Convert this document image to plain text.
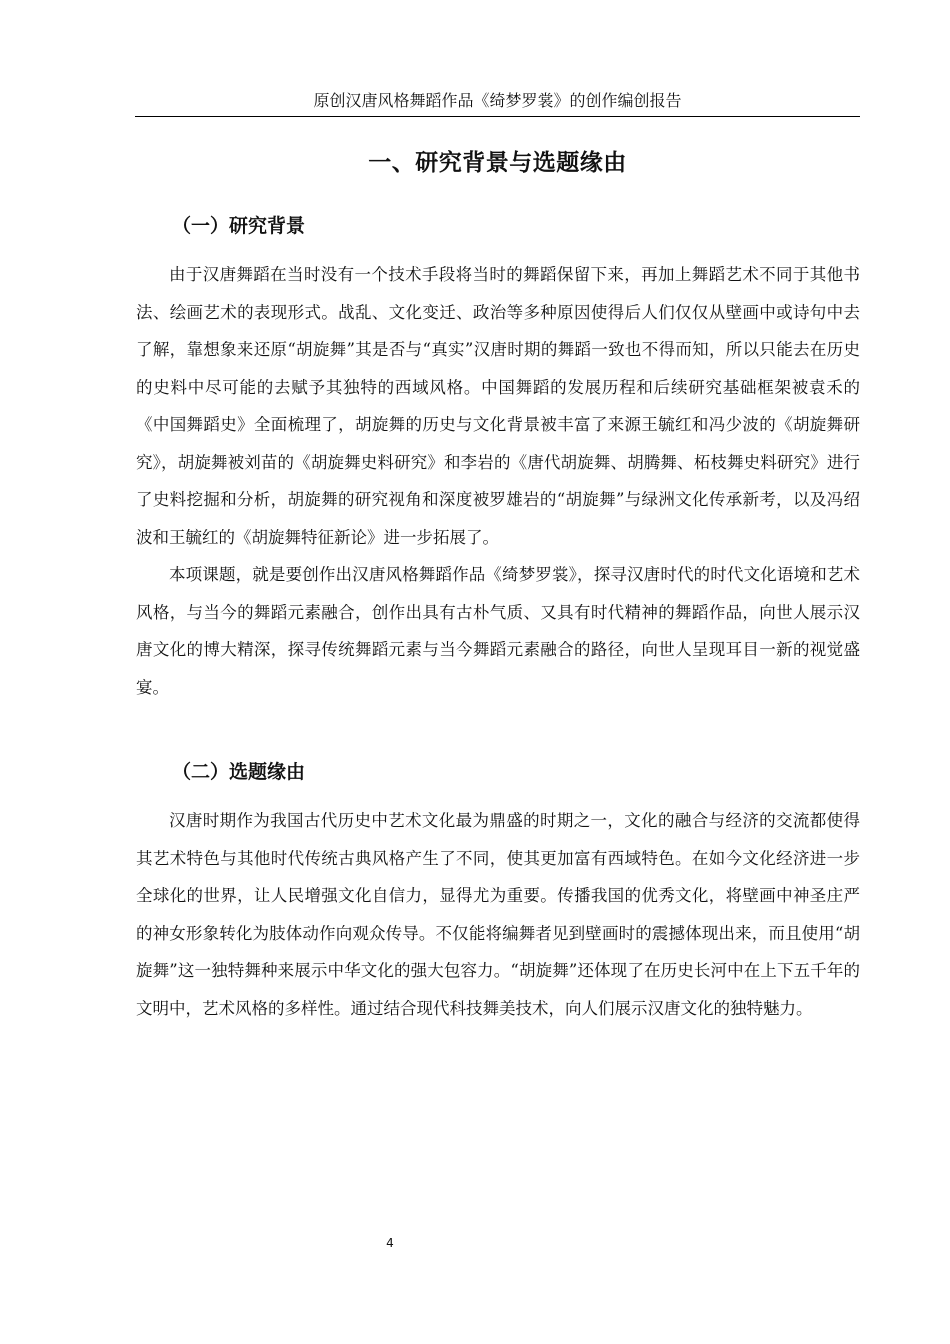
原创汉唐风格舞蹈作品《绮梦罗裳》的创作编创报告
一、研究背景与选题缘由
（一）研究背景

由于汉唐舞蹈在当时没有一个技术手段将当时的舞蹈保留下来，再加上舞蹈艺术不同于其他书法、绘画艺术的表现形式。战乱、文化变迁、政治等多种原因使得后人们仅仅从壁画中或诗句中去了解，靠想象来还原“胡旋舞”其是否与“真实”汉唐时期的舞蹈一致也不得而知，所以只能去在历史的史料中尽可能的去赋予其独特的西域风格。中国舞蹈的发展历程和后续研究基础框架被袁禾的《中国舞蹈史》全面梳理了，胡旋舞的历史与文化背景被丰富了来源王毓红和冯少波的《胡旋舞研究》，胡旋舞被刘苗的《胡旋舞史料研究》和李岩的《唐代胡旋舞、胡腾舞、柘枝舞史料研究》进行了史料挖掘和分析，胡旋舞的研究视角和深度被罗雄岩的“胡旋舞”与绿洲文化传承新考，以及冯绍波和王毓红的《胡旋舞特征新论》进一步拓展了。

本项课题，就是要创作出汉唐风格舞蹈作品《绮梦罗裳》，探寻汉唐时代的时代文化语境和艺术风格，与当今的舞蹈元素融合，创作出具有古朴气质、又具有时代精神的舞蹈作品，向世人展示汉唐文化的博大精深，探寻传统舞蹈元素与当今舞蹈元素融合的路径，向世人呈现耳目一新的视觉盛宴。

（二）选题缘由

汉唐时期作为我国古代历史中艺术文化最为鼎盛的时期之一，文化的融合与经济的交流都使得其艺术特色与其他时代传统古典风格产生了不同，使其更加富有西域特色。在如今文化经济进一步全球化的世界，让人民增强文化自信力，显得尤为重要。传播我国的优秀文化，将壁画中神圣庄严的神女形象转化为肢体动作向观众传导。不仅能将编舞者见到壁画时的震撼体现出来，而且使用“胡旋舞”这一独特舞种来展示中华文化的强大包容力。“胡旋舞”还体现了在历史长河中在上下五千年的文明中，艺术风格的多样性。通过结合现代科技舞美技术，向人们展示汉唐文化的独特魅力。

4
